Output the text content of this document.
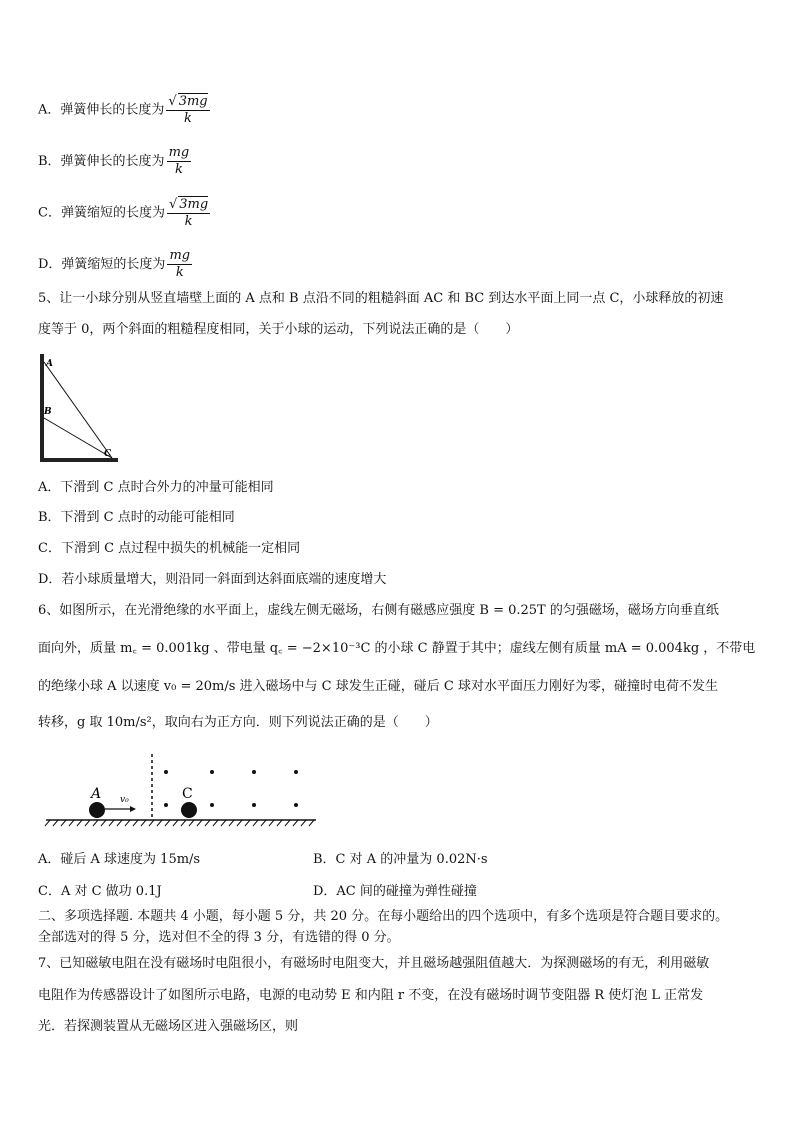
A．弹簧伸长的长度为 $\frac{√ 3mg}{k}$
B．弹簧伸长的长度为 $\frac{mg}{k}$
C．弹簧缩短的长度为 $\frac{√ 3mg}{k}$
D．弹簧缩短的长度为 $\frac{mg}{k}$
5、让一小球分别从竖直墙壁上面的 A 点和 B 点沿不同的粗糙斜面 AC 和 BC 到达水平面上同一点 C，小球释放的初速
度等于 0，两个斜面的粗糙程度相同，关于小球的运动，下列说法正确的是（　　）
A
B
C
A．下滑到 C 点时合外力的冲量可能相同
B．下滑到 C 点时的动能可能相同
C．下滑到 C 点过程中损失的机械能一定相同
D．若小球质量增大，则沿同一斜面到达斜面底端的速度增大
6、如图所示，在光滑绝缘的水平面上，虚线左侧无磁场，右侧有磁感应强度 B = 0.25T 的匀强磁场，磁场方向垂直纸
面向外，质量 m꜀ = 0.001kg 、带电量 q꜀ = −2×10⁻³C 的小球 C 静置于其中；虚线左侧有质量 mA = 0.004kg ，不带电
的绝缘小球 A 以速度 v₀ = 20m/s 进入磁场中与 C 球发生正碰，碰后 C 球对水平面压力刚好为零，碰撞时电荷不发生
转移，g 取 10m/s²，取向右为正方向．则下列说法正确的是（　　）
A	C
v₀
A．碰后 A 球速度为 15m/s	B．C 对 A 的冲量为 0.02N·s
C．A 对 C 做功 0.1J	D．AC 间的碰撞为弹性碰撞
二、多项选择题. 本题共 4 小题，每小题 5 分，共 20 分。在每小题给出的四个选项中，有多个选项是符合题目要求的。
全部选对的得 5 分，选对但不全的得 3 分，有选错的得 0 分。
7、已知磁敏电阻在没有磁场时电阻很小，有磁场时电阻变大，并且磁场越强阻值越大．为探测磁场的有无，利用磁敏
电阻作为传感器设计了如图所示电路，电源的电动势 E 和内阻 r 不变，在没有磁场时调节变阻器 R 使灯泡 L 正常发
光．若探测装置从无磁场区进入强磁场区，则
